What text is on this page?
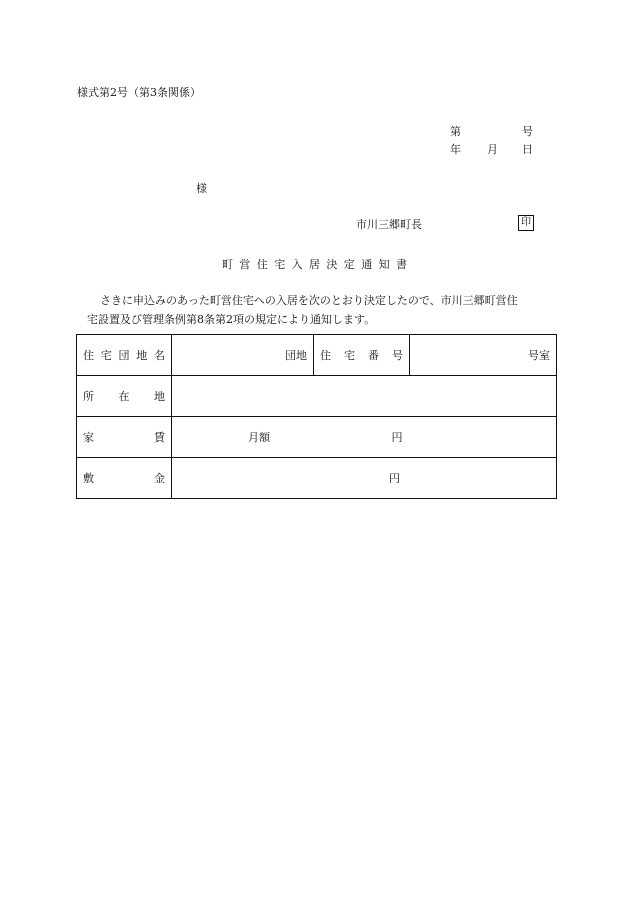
様式第2号（第3条関係）
第	号
年 月 日
様
市川三郷町長	印
町営住宅入居決定通知書
さきに申込みのあった町営住宅への入居を次のとおり決定したので、市川三郷町営住
宅設置及び管理条例第8条第2項の規定により通知します。
住 宅 団 地 名	団地	住 宅 番 号	号室

所 在 地			

家 賃	月額 円		

敷 金	円		
